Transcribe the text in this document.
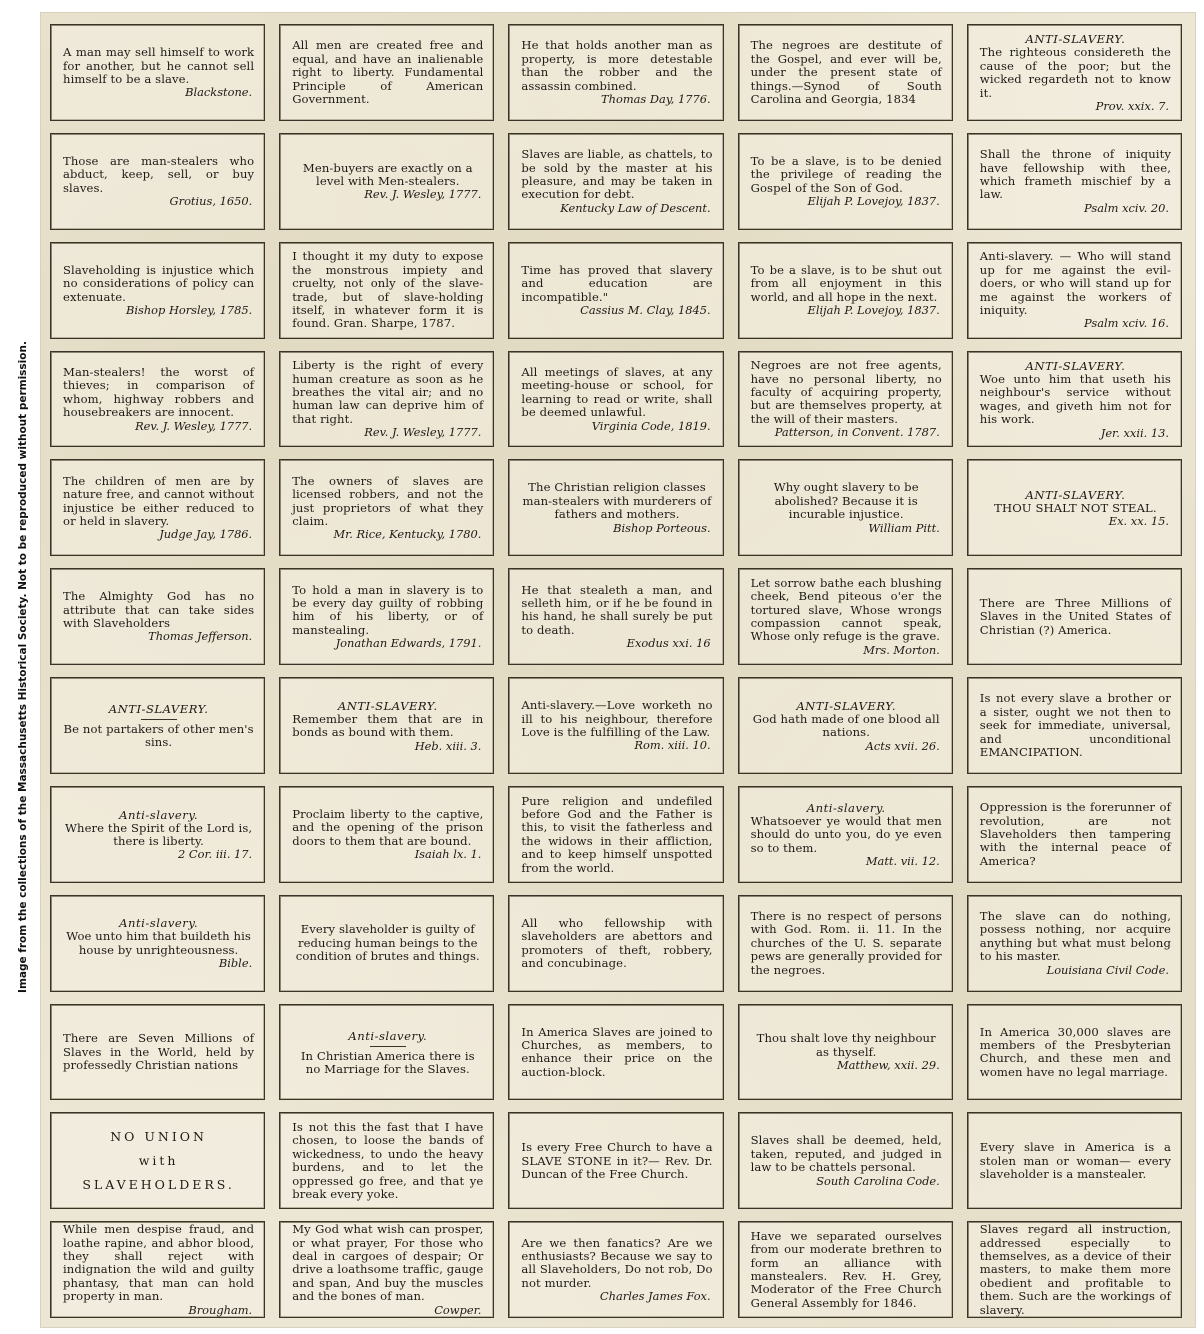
Image from the collections of the Massachusetts Historical Society. Not to be reproduced without permission.
A man may sell himself to work for another, but he cannot sell himself to be a slave.
Blackstone.
All men are created free and equal, and have an inalienable right to liberty. Fundamental Principle of American Government.
He that holds another man as property, is more detestable than the robber and the assassin combined.
Thomas Day, 1776.
The negroes are destitute of the Gospel, and ever will be, under the present state of things.—Synod of South Carolina and Georgia, 1834
ANTI-SLAVERY.
The righteous considereth the cause of the poor; but the wicked regardeth not to know it.
Prov. xxix. 7.
Those are man-stealers who abduct, keep, sell, or buy slaves.
Grotius, 1650.
Men-buyers are exactly on a level with Men-stealers.
Rev. J. Wesley, 1777.
Slaves are liable, as chattels, to be sold by the master at his pleasure, and may be taken in execution for debt.
Kentucky Law of Descent.
To be a slave, is to be denied the privilege of reading the Gospel of the Son of God.
Elijah P. Lovejoy, 1837.
Shall the throne of iniquity have fellowship with thee, which frameth mischief by a law.
Psalm xciv. 20.
Slaveholding is injustice which no considerations of policy can extenuate.
Bishop Horsley, 1785.
I thought it my duty to expose the monstrous impiety and cruelty, not only of the slave-trade, but of slave-holding itself, in whatever form it is found. Gran. Sharpe, 1787.
Time has proved that slavery and education are incompatible."
Cassius M. Clay, 1845.
To be a slave, is to be shut out from all enjoyment in this world, and all hope in the next.
Elijah P. Lovejoy, 1837.
Anti-slavery. — Who will stand up for me against the evil-doers, or who will stand up for me against the workers of iniquity.
Psalm xciv. 16.
Man-stealers! the worst of thieves; in comparison of whom, highway robbers and housebreakers are innocent.
Rev. J. Wesley, 1777.
Liberty is the right of every human creature as soon as he breathes the vital air; and no human law can deprive him of that right.
Rev. J. Wesley, 1777.
All meetings of slaves, at any meeting-house or school, for learning to read or write, shall be deemed unlawful.
Virginia Code, 1819.
Negroes are not free agents, have no personal liberty, no faculty of acquiring property, but are themselves property, at the will of their masters.
Patterson, in Convent. 1787.
ANTI-SLAVERY.
Woe unto him that useth his neighbour's service without wages, and giveth him not for his work.
Jer. xxii. 13.
The children of men are by nature free, and cannot without injustice be either reduced to or held in slavery.
Judge Jay, 1786.
The owners of slaves are licensed robbers, and not the just proprietors of what they claim.
Mr. Rice, Kentucky, 1780.
The Christian religion classes man-stealers with murderers of fathers and mothers.
Bishop Porteous.
Why ought slavery to be abolished? Because it is incurable injustice.
William Pitt.
ANTI-SLAVERY.
THOU SHALT NOT STEAL.
Ex. xx. 15.
The Almighty God has no attribute that can take sides with Slaveholders
Thomas Jefferson.
To hold a man in slavery is to be every day guilty of robbing him of his liberty, or of manstealing.
Jonathan Edwards, 1791.
He that stealeth a man, and selleth him, or if he be found in his hand, he shall surely be put to death.
Exodus xxi. 16
Let sorrow bathe each blushing cheek, Bend piteous o'er the tortured slave, Whose wrongs compassion cannot speak, Whose only refuge is the grave.
Mrs. Morton.
There are Three Millions of Slaves in the United States of Christian (?) America.
ANTI-SLAVERY.
Be not partakers of other men's sins.
ANTI-SLAVERY.
Remember them that are in bonds as bound with them.
Heb. xiii. 3.
Anti-slavery.—Love worketh no ill to his neighbour, therefore Love is the fulfilling of the Law.
Rom. xiii. 10.
ANTI-SLAVERY.
God hath made of one blood all nations.
Acts xvii. 26.
Is not every slave a brother or a sister, ought we not then to seek for immediate, universal, and unconditional EMANCIPATION.
Anti-slavery.
Where the Spirit of the Lord is, there is liberty.
2 Cor. iii. 17.
Proclaim liberty to the captive, and the opening of the prison doors to them that are bound.
Isaiah lx. 1.
Pure religion and undefiled before God and the Father is this, to visit the fatherless and the widows in their affliction, and to keep himself unspotted from the world.
Anti-slavery.
Whatsoever ye would that men should do unto you, do ye even so to them.
Matt. vii. 12.
Oppression is the forerunner of revolution, are not Slaveholders then tampering with the internal peace of America?
Anti-slavery.
Woe unto him that buildeth his house by unrighteousness.
Bible.
Every slaveholder is guilty of reducing human beings to the condition of brutes and things.
All who fellowship with slaveholders are abettors and promoters of theft, robbery, and concubinage.
There is no respect of persons with God. Rom. ii. 11. In the churches of the U. S. separate pews are generally provided for the negroes.
The slave can do nothing, possess nothing, nor acquire anything but what must belong to his master.
Louisiana Civil Code.
There are Seven Millions of Slaves in the World, held by professedly Christian nations
Anti-slavery.
In Christian America there is no Marriage for the Slaves.
In America Slaves are joined to Churches, as members, to enhance their price on the auction-block.
Thou shalt love thy neighbour as thyself.
Matthew, xxii. 29.
In America 30,000 slaves are members of the Presbyterian Church, and these men and women have no legal marriage.
NO UNION
with
SLAVEHOLDERS.
Is not this the fast that I have chosen, to loose the bands of wickedness, to undo the heavy burdens, and to let the oppressed go free, and that ye break every yoke.
Is every Free Church to have a SLAVE STONE in it?— Rev. Dr. Duncan of the Free Church.
Slaves shall be deemed, held, taken, reputed, and judged in law to be chattels personal.
South Carolina Code.
Every slave in America is a stolen man or woman— every slaveholder is a manstealer.
While men despise fraud, and loathe rapine, and abhor blood, they shall reject with indignation the wild and guilty phantasy, that man can hold property in man.
Brougham.
My God what wish can prosper, or what prayer, For those who deal in cargoes of despair; Or drive a loathsome traffic, gauge and span, And buy the muscles and the bones of man.
Cowper.
Are we then fanatics? Are we enthusiasts? Because we say to all Slaveholders, Do not rob, Do not murder.
Charles James Fox.
Have we separated ourselves from our moderate brethren to form an alliance with manstealers. Rev. H. Grey, Moderator of the Free Church General Assembly for 1846.
Slaves regard all instruction, addressed especially to themselves, as a device of their masters, to make them more obedient and profitable to them. Such are the workings of slavery.
